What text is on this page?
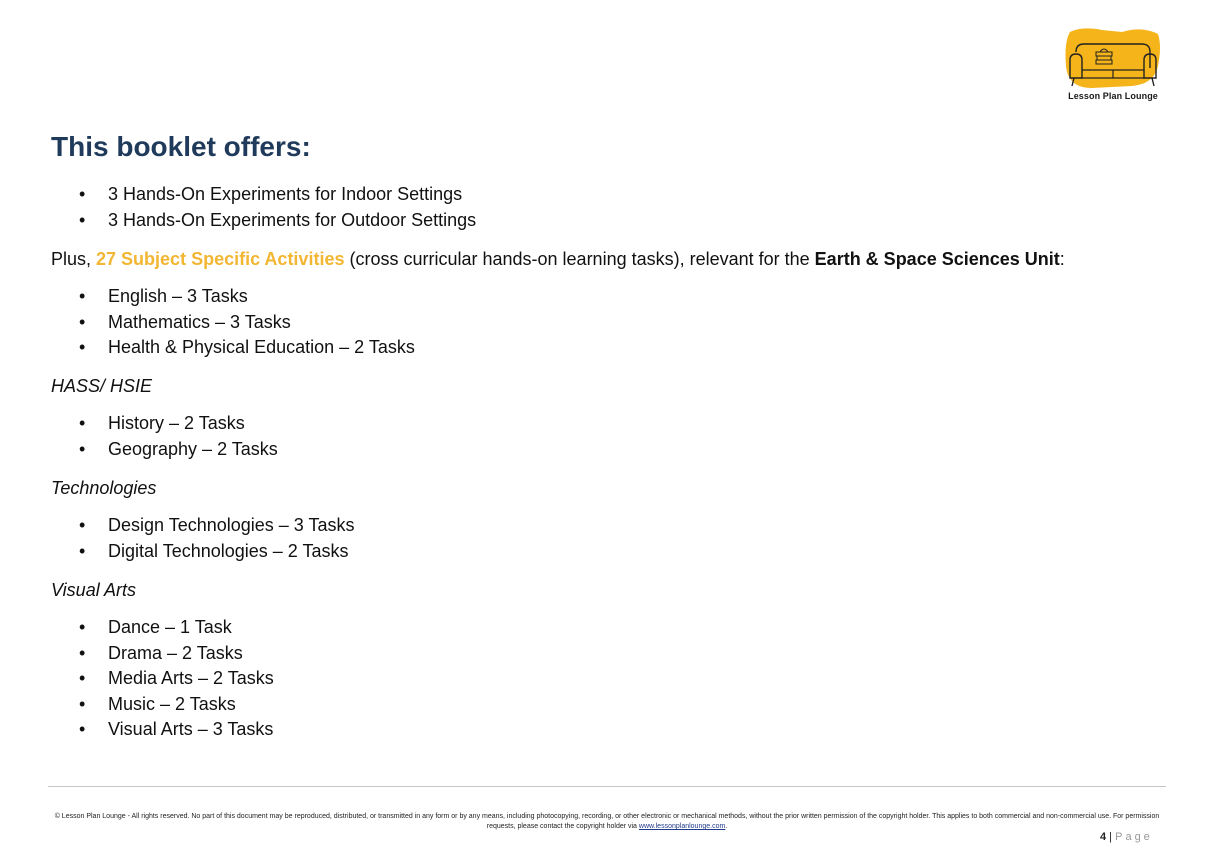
Lesson Plan Lounge
This booklet offers:
• 3 Hands-On Experiments for Indoor Settings
• 3 Hands-On Experiments for Outdoor Settings

Plus, 27 Subject Specific Activities (cross curricular hands-on learning tasks), relevant for the Earth & Space Sciences Unit:

• English – 3 Tasks
• Mathematics – 3 Tasks
• Health & Physical Education – 2 Tasks

HASS/ HSIE

• History – 2 Tasks
• Geography – 2 Tasks

Technologies

• Design Technologies – 3 Tasks
• Digital Technologies – 2 Tasks

Visual Arts

• Dance – 1 Task
• Drama – 2 Tasks
• Media Arts – 2 Tasks
• Music – 2 Tasks
• Visual Arts – 3 Tasks
© Lesson Plan Lounge - All rights reserved. No part of this document may be reproduced, distributed, or transmitted in any form or by any means, including photocopying, recording, or other electronic or mechanical methods, without the prior written permission of the copyright holder. This applies to both commercial and non-commercial use. For permission requests, please contact the copyright holder via www.lessonplanlounge.com.
4 | Page
